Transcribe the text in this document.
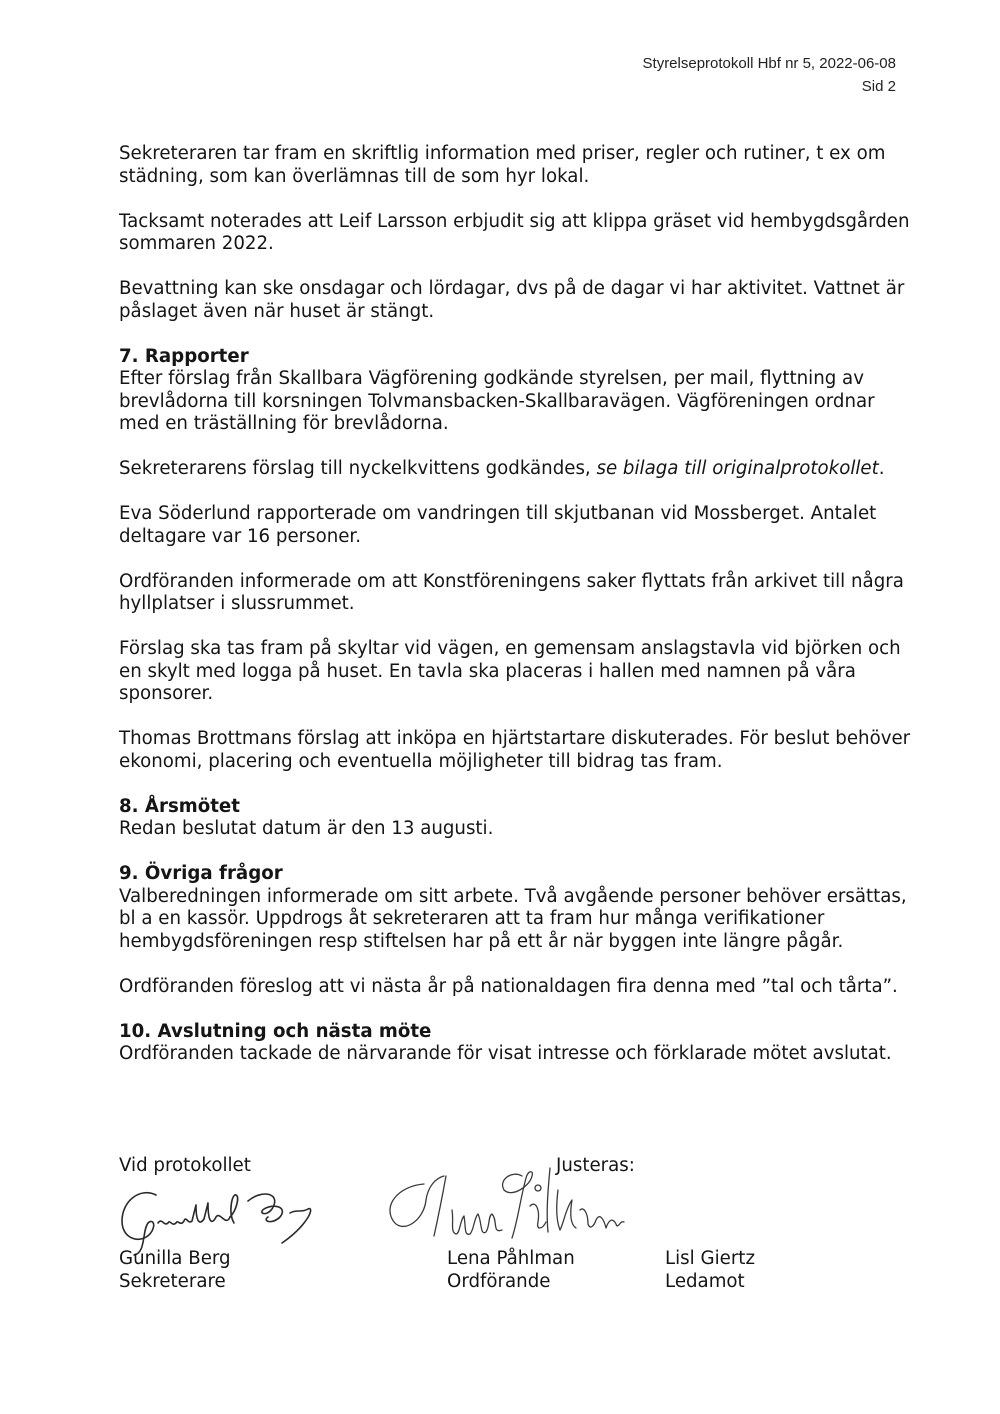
Styrelseprotokoll Hbf nr 5, 2022-06-08
Sid 2

Sekreteraren tar fram en skriftlig information med priser, regler och rutiner, t ex om städning, som kan överlämnas till de som hyr lokal.

Tacksamt noterades att Leif Larsson erbjudit sig att klippa gräset vid hembygdsgården sommaren 2022.

Bevattning kan ske onsdagar och lördagar, dvs på de dagar vi har aktivitet. Vattnet är påslaget även när huset är stängt.

7. Rapporter

Efter förslag från Skallbara Vägförening godkände styrelsen, per mail, flyttning av brevlådorna till korsningen Tolvmansbacken-Skallbaravägen. Vägföreningen ordnar med en träställning för brevlådorna.

Sekreterarens förslag till nyckelkvittens godkändes, se bilaga till originalprotokollet.

Eva Söderlund rapporterade om vandringen till skjutbanan vid Mossberget. Antalet deltagare var 16 personer.

Ordföranden informerade om att Konstföreningens saker flyttats från arkivet till några hyllplatser i slussrummet.

Förslag ska tas fram på skyltar vid vägen, en gemensam anslagstavla vid björken och en skylt med logga på huset. En tavla ska placeras i hallen med namnen på våra sponsorer.

Thomas Brottmans förslag att inköpa en hjärtstartare diskuterades. För beslut behöver ekonomi, placering och eventuella möjligheter till bidrag tas fram.

8. Årsmötet

Redan beslutat datum är den 13 augusti.

9. Övriga frågor

Valberedningen informerade om sitt arbete. Två avgående personer behöver ersättas, bl a en kassör. Uppdrogs åt sekreteraren att ta fram hur många verifikationer hembygdsföreningen resp stiftelsen har på ett år när byggen inte längre pågår.

Ordföranden föreslog att vi nästa år på nationaldagen fira denna med ”tal och tårta”.

10. Avslutning och nästa möte

Ordföranden tackade de närvarande för visat intresse och förklarade mötet avslutat.

Vid protokollet	Justeras:
Gunilla Berg
Sekreterare
Lena Påhlman
Ordförande
Lisl Giertz
Ledamot
